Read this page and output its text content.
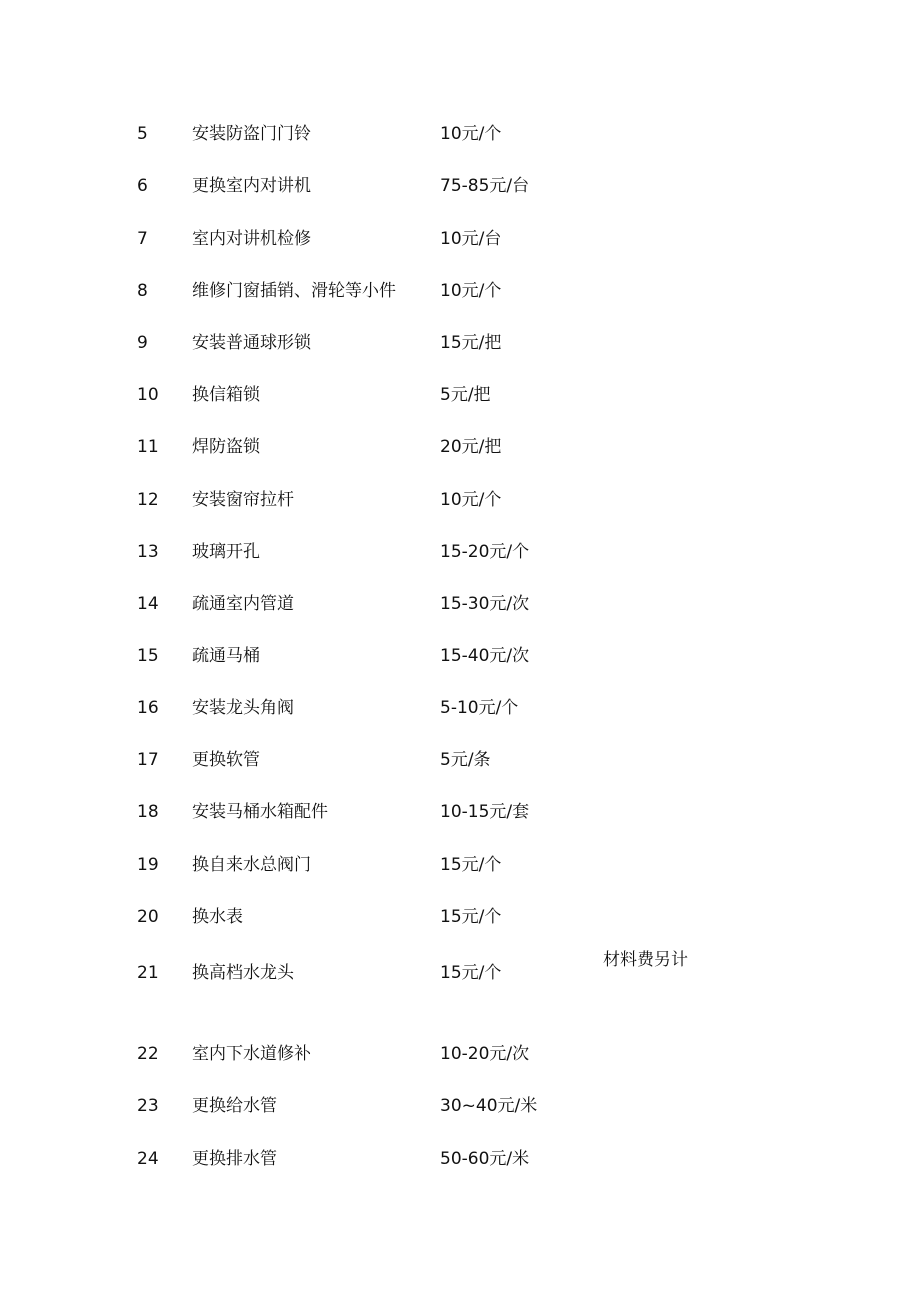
5	安装防盗门门铃	10元/个
6	更换室内对讲机	75-85元/台
7	室内对讲机检修	10元/台
8	维修门窗插销、滑轮等小件	10元/个
9	安装普通球形锁	15元/把
10 换信箱锁	5元/把
11 焊防盗锁	20元/把
12 安装窗帘拉杆	10元/个
13 玻璃开孔	15-20元/个
14 疏通室内管道	15-30元/次
15 疏通马桶	15-40元/次
16 安装龙头角阀	5-10元/个
17 更换软管	5元/条
18 安装马桶水箱配件	10-15元/套
19 换自来水总阀门	15元/个
20 换水表	15元/个
21 换高档水龙头	15元/个
材料费另计
22 室内下水道修补	10-20元/次
23 更换给水管	30~40元/米
24 更换排水管	50-60元/米
